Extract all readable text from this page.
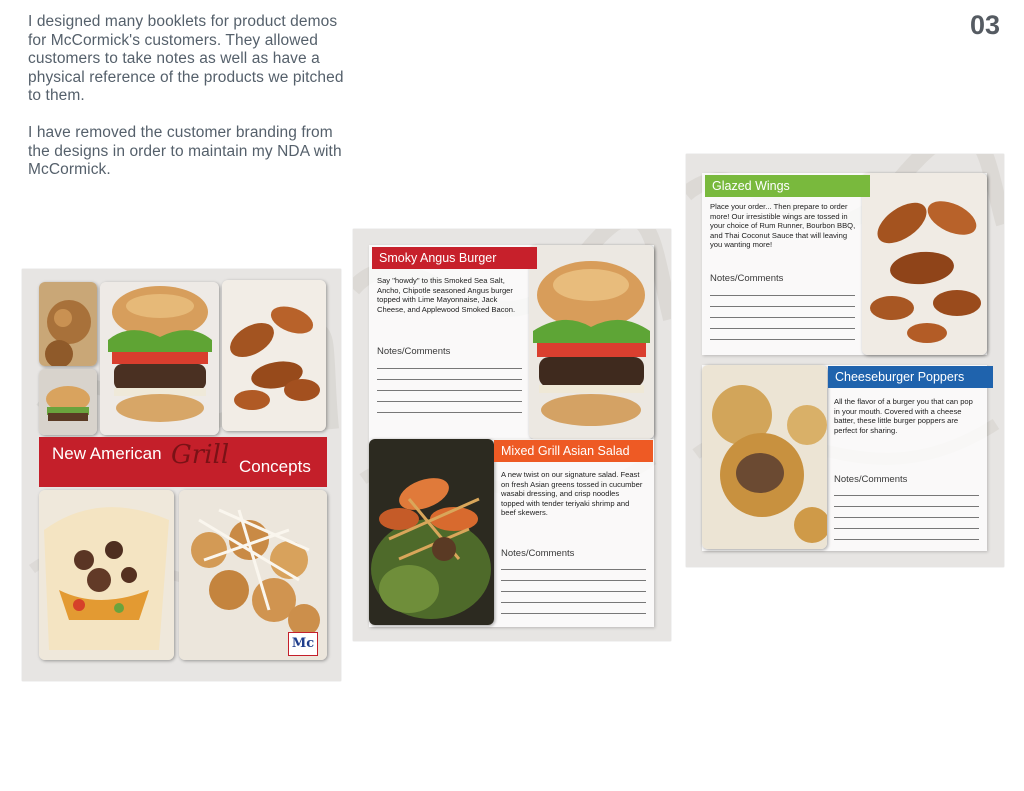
I designed many booklets for product demos for McCormick's customers. They allowed customers to take notes as well as have a physical reference of the products we pitched to them.

I have removed the customer branding from the designs in order to maintain my NDA with McCormick.

03
New American Grill Concepts
Mc
Smoky Angus Burger
Say "howdy" to this Smoked Sea Salt, Ancho, Chipotle seasoned Angus burger topped with Lime Mayonnaise, Jack Cheese, and Applewood Smoked Bacon.
Notes/Comments
Mixed Grill Asian Salad
A new twist on our signature salad. Feast on fresh Asian greens tossed in cucumber wasabi dressing, and crisp noodles topped with tender teriyaki shrimp and beef skewers.
Notes/Comments
Glazed Wings
Place your order... Then prepare to order more! Our irresistible wings are tossed in your choice of Rum Runner, Bourbon BBQ, and Thai Coconut Sauce that will leaving you wanting more!
Notes/Comments
Cheeseburger Poppers
All the flavor of a burger you that can pop in your mouth. Covered with a cheese batter, these little burger poppers are perfect for sharing.
Notes/Comments
